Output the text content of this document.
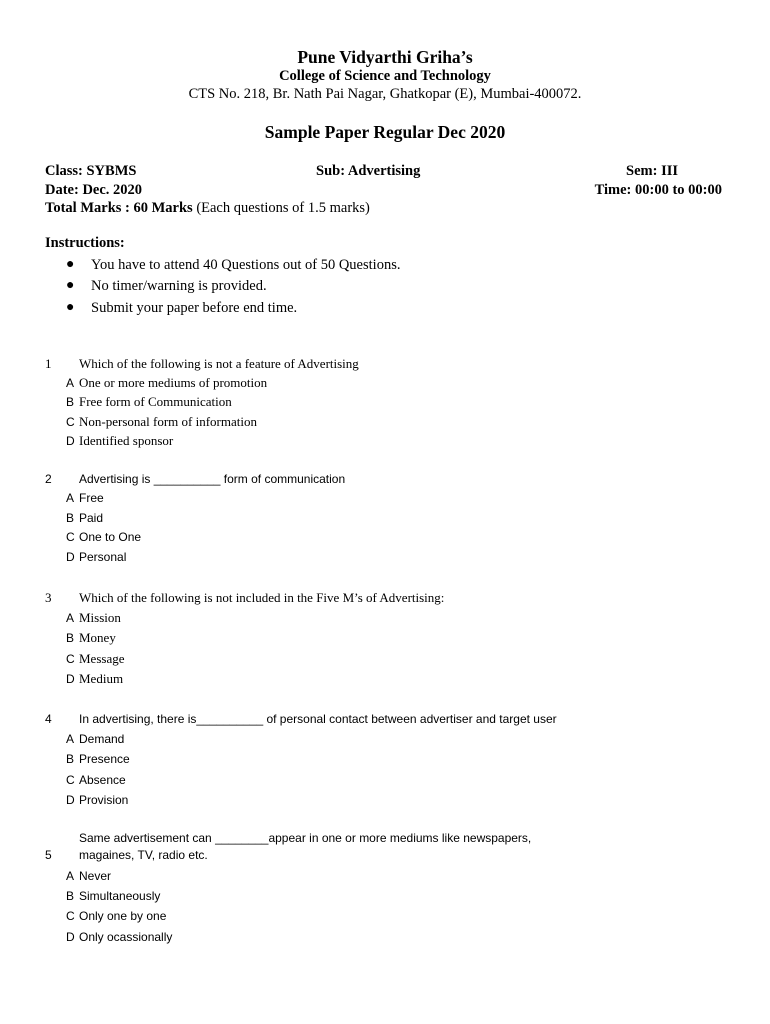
Pune Vidyarthi Griha’s
College of Science and Technology
CTS No. 218, Br. Nath Pai Nagar, Ghatkopar (E), Mumbai-400072.
Sample Paper Regular Dec 2020
Class: SYBMS	Sub: Advertising	Sem: III
Date: Dec. 2020	Time: 00:00 to 00:00
Total Marks : 60 Marks (Each questions of 1.5 marks)
Instructions:
● You have to attend 40 Questions out of 50 Questions.
● No timer/warning is provided.
● Submit your paper before end time.
1 Which of the following is not a feature of Advertising
A One or more mediums of promotion
B Free form of Communication
C Non-personal form of information
D Identified sponsor
2 Advertising is __________ form of communication
A Free
B Paid
C One to One
D Personal
3 Which of the following is not included in the Five M’s of Advertising:
A Mission
B Money
C Message
D Medium
4 In advertising, there is__________ of personal contact between advertiser and target user
A Demand
B Presence
C Absence
D Provision
Same advertisement can ________appear in one or more mediums like newspapers,
5 magaines, TV, radio etc.
A Never
B Simultaneously
C Only one by one
D Only ocassionally
